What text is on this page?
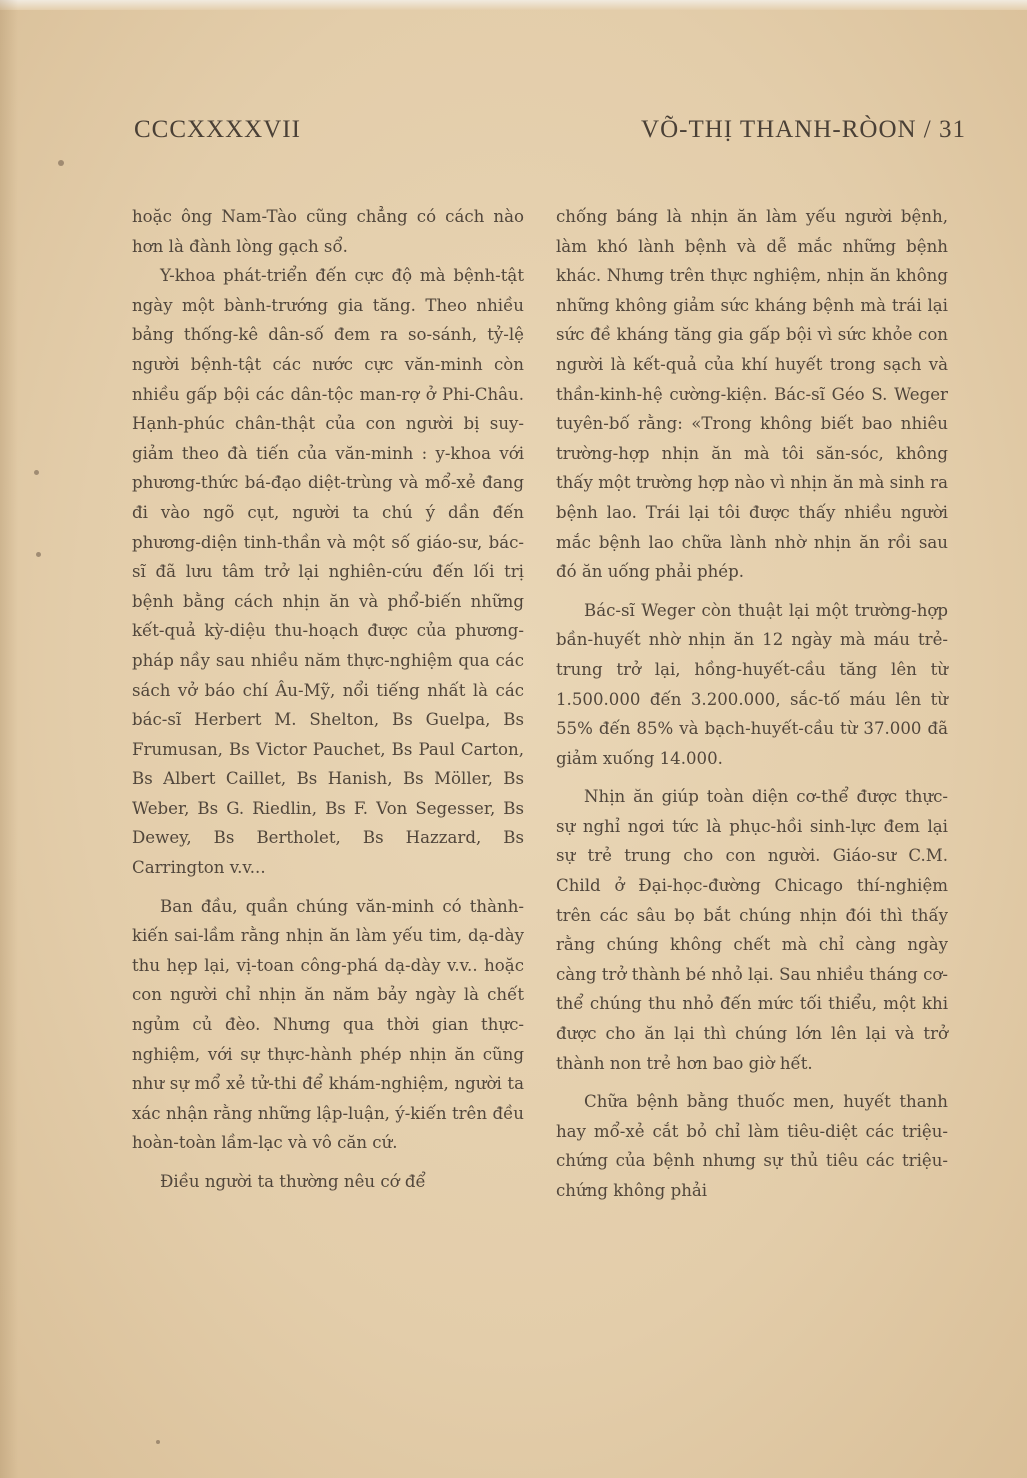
CCCXXXXVII	VÕ-THỊ THANH-RÒON / 31

hoặc ông Nam-Tào cũng chẳng có cách nào hơn là đành lòng gạch sổ.

Y-khoa phát-triển đến cực độ mà bệnh-tật ngày một bành-trướng gia tăng. Theo nhiều bảng thống-kê dân-số đem ra so-sánh, tỷ-lệ người bệnh-tật các nước cực văn-minh còn nhiều gấp bội các dân-tộc man-rợ ở Phi-Châu. Hạnh-phúc chân-thật của con người bị suy-giảm theo đà tiến của văn-minh : y-khoa với phương-thức bá-đạo diệt-trùng và mổ-xẻ đang đi vào ngõ cụt, người ta chú ý dần đến phương-diện tinh-thần và một số giáo-sư, bác-sĩ đã lưu tâm trở lại nghiên-cứu đến lối trị bệnh bằng cách nhịn ăn và phổ-biến những kết-quả kỳ-diệu thu-hoạch được của phương-pháp nầy sau nhiều năm thực-nghiệm qua các sách vở báo chí Âu-Mỹ, nổi tiếng nhất là các bác-sĩ Herbert M. Shelton, Bs Guelpa, Bs Frumusan, Bs Victor Pauchet, Bs Paul Carton, Bs Albert Caillet, Bs Hanish, Bs Möller, Bs Weber, Bs G. Riedlin, Bs F. Von Segesser, Bs Dewey, Bs Bertholet, Bs Hazzard, Bs Carrington v.v...

Ban đầu, quần chúng văn-minh có thành-kiến sai-lầm rằng nhịn ăn làm yếu tim, dạ-dày thu hẹp lại, vị-toan công-phá dạ-dày v.v.. hoặc con người chỉ nhịn ăn năm bảy ngày là chết ngủm củ đèo. Nhưng qua thời gian thực-nghiệm, với sự thực-hành phép nhịn ăn cũng như sự mổ xẻ tử-thi để khám-nghiệm, người ta xác nhận rằng những lập-luận, ý-kiến trên đều hoàn-toàn lầm-lạc và vô căn cứ.

Điều người ta thường nêu cớ để

chống báng là nhịn ăn làm yếu người bệnh, làm khó lành bệnh và dễ mắc những bệnh khác. Nhưng trên thực nghiệm, nhịn ăn không những không giảm sức kháng bệnh mà trái lại sức đề kháng tăng gia gấp bội vì sức khỏe con người là kết-quả của khí huyết trong sạch và thần-kinh-hệ cường-kiện. Bác-sĩ Géo S. Weger tuyên-bố rằng: «Trong không biết bao nhiêu trường-hợp nhịn ăn mà tôi săn-sóc, không thấy một trường hợp nào vì nhịn ăn mà sinh ra bệnh lao. Trái lại tôi được thấy nhiều người mắc bệnh lao chữa lành nhờ nhịn ăn rồi sau đó ăn uống phải phép.

Bác-sĩ Weger còn thuật lại một trường-hợp bần-huyết nhờ nhịn ăn 12 ngày mà máu trẻ-trung trở lại, hồng-huyết-cầu tăng lên từ 1.500.000 đến 3.200.000, sắc-tố máu lên từ 55% đến 85% và bạch-huyết-cầu từ 37.000 đã giảm xuống 14.000.

Nhịn ăn giúp toàn diện cơ-thể được thực-sự nghỉ ngơi tức là phục-hồi sinh-lực đem lại sự trẻ trung cho con người. Giáo-sư C.M. Child ở Đại-học-đường Chicago thí-nghiệm trên các sâu bọ bắt chúng nhịn đói thì thấy rằng chúng không chết mà chỉ càng ngày càng trở thành bé nhỏ lại. Sau nhiều tháng cơ-thể chúng thu nhỏ đến mức tối thiểu, một khi được cho ăn lại thì chúng lớn lên lại và trở thành non trẻ hơn bao giờ hết.

Chữa bệnh bằng thuốc men, huyết thanh hay mổ-xẻ cắt bỏ chỉ làm tiêu-diệt các triệu-chứng của bệnh nhưng sự thủ tiêu các triệu-chứng không phải
